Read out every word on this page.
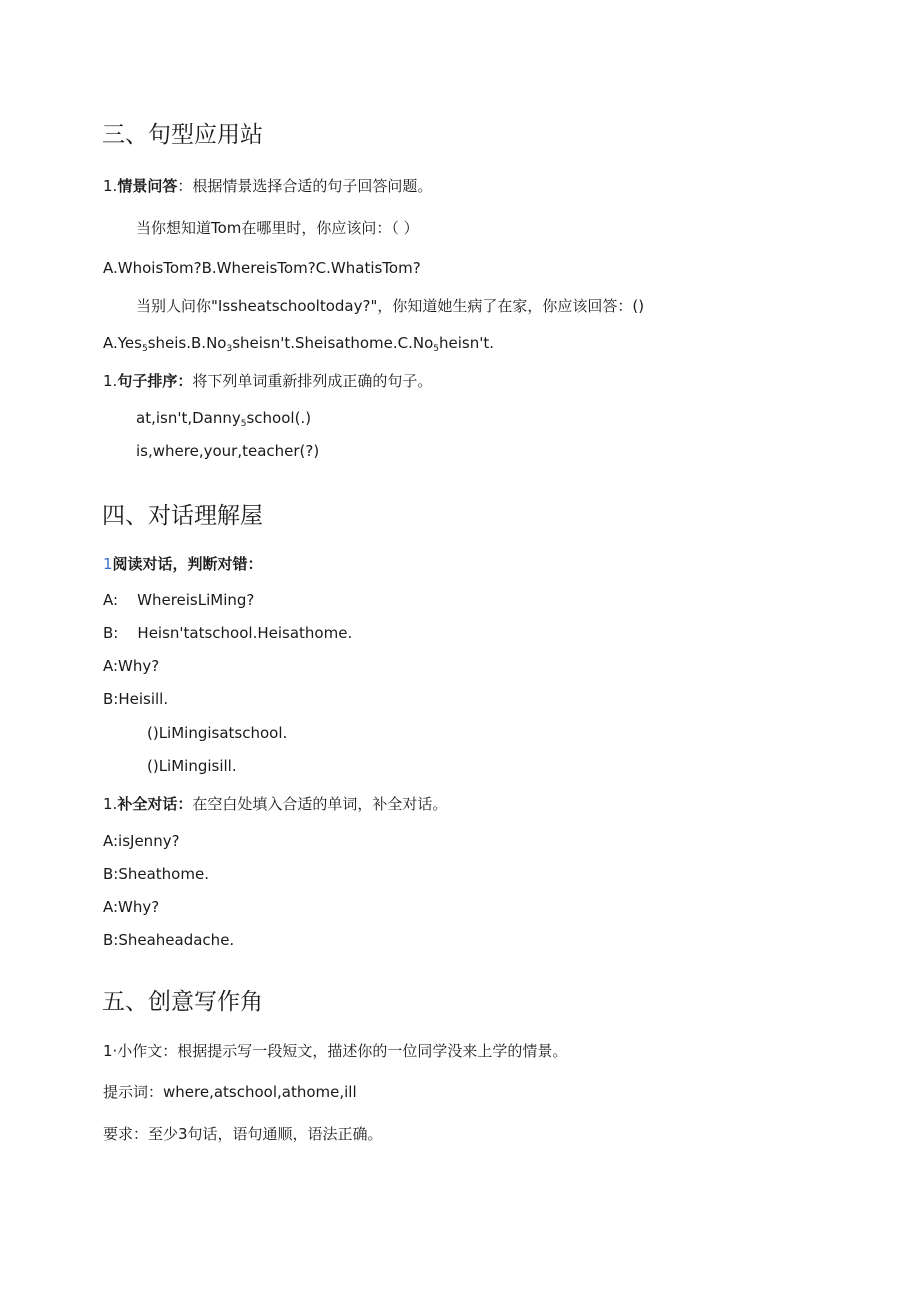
三、句型应用站
1.情景问答：根据情景选择合适的句子回答问题。
当你想知道Tom在哪里时，你应该问：（ ）
A.WhoisTom?B.WhereisTom?C.WhatisTom?
当别人问你"Issheatschooltoday?"，你知道她生病了在家，你应该回答：()
$A.Yes_5sheis.B.No_3sheisn't.Sheisathome.C.No_5heisn't$.
1.句子排序：将下列单词重新排列成正确的句子。
at,isn't,Danny$_5$school(.)
is,where,your,teacher(?)
四、对话理解屋
1阅读对话，判断对错：
A:    WhereisLiMing?
B:    Heisn'tatschool.Heisathome.
A:Why?
B:Heisill.
()LiMingisatschool.
()LiMingisill.
1.补全对话：在空白处填入合适的单词，补全对话。
A:isJenny?
B:Sheathome.
A:Why?
B:Sheaheadache.
五、创意写作角
1·小作文：根据提示写一段短文，描述你的一位同学没来上学的情景。
提示词：where,atschool,athome,ill
要求：至少3句话，语句通顺，语法正确。
